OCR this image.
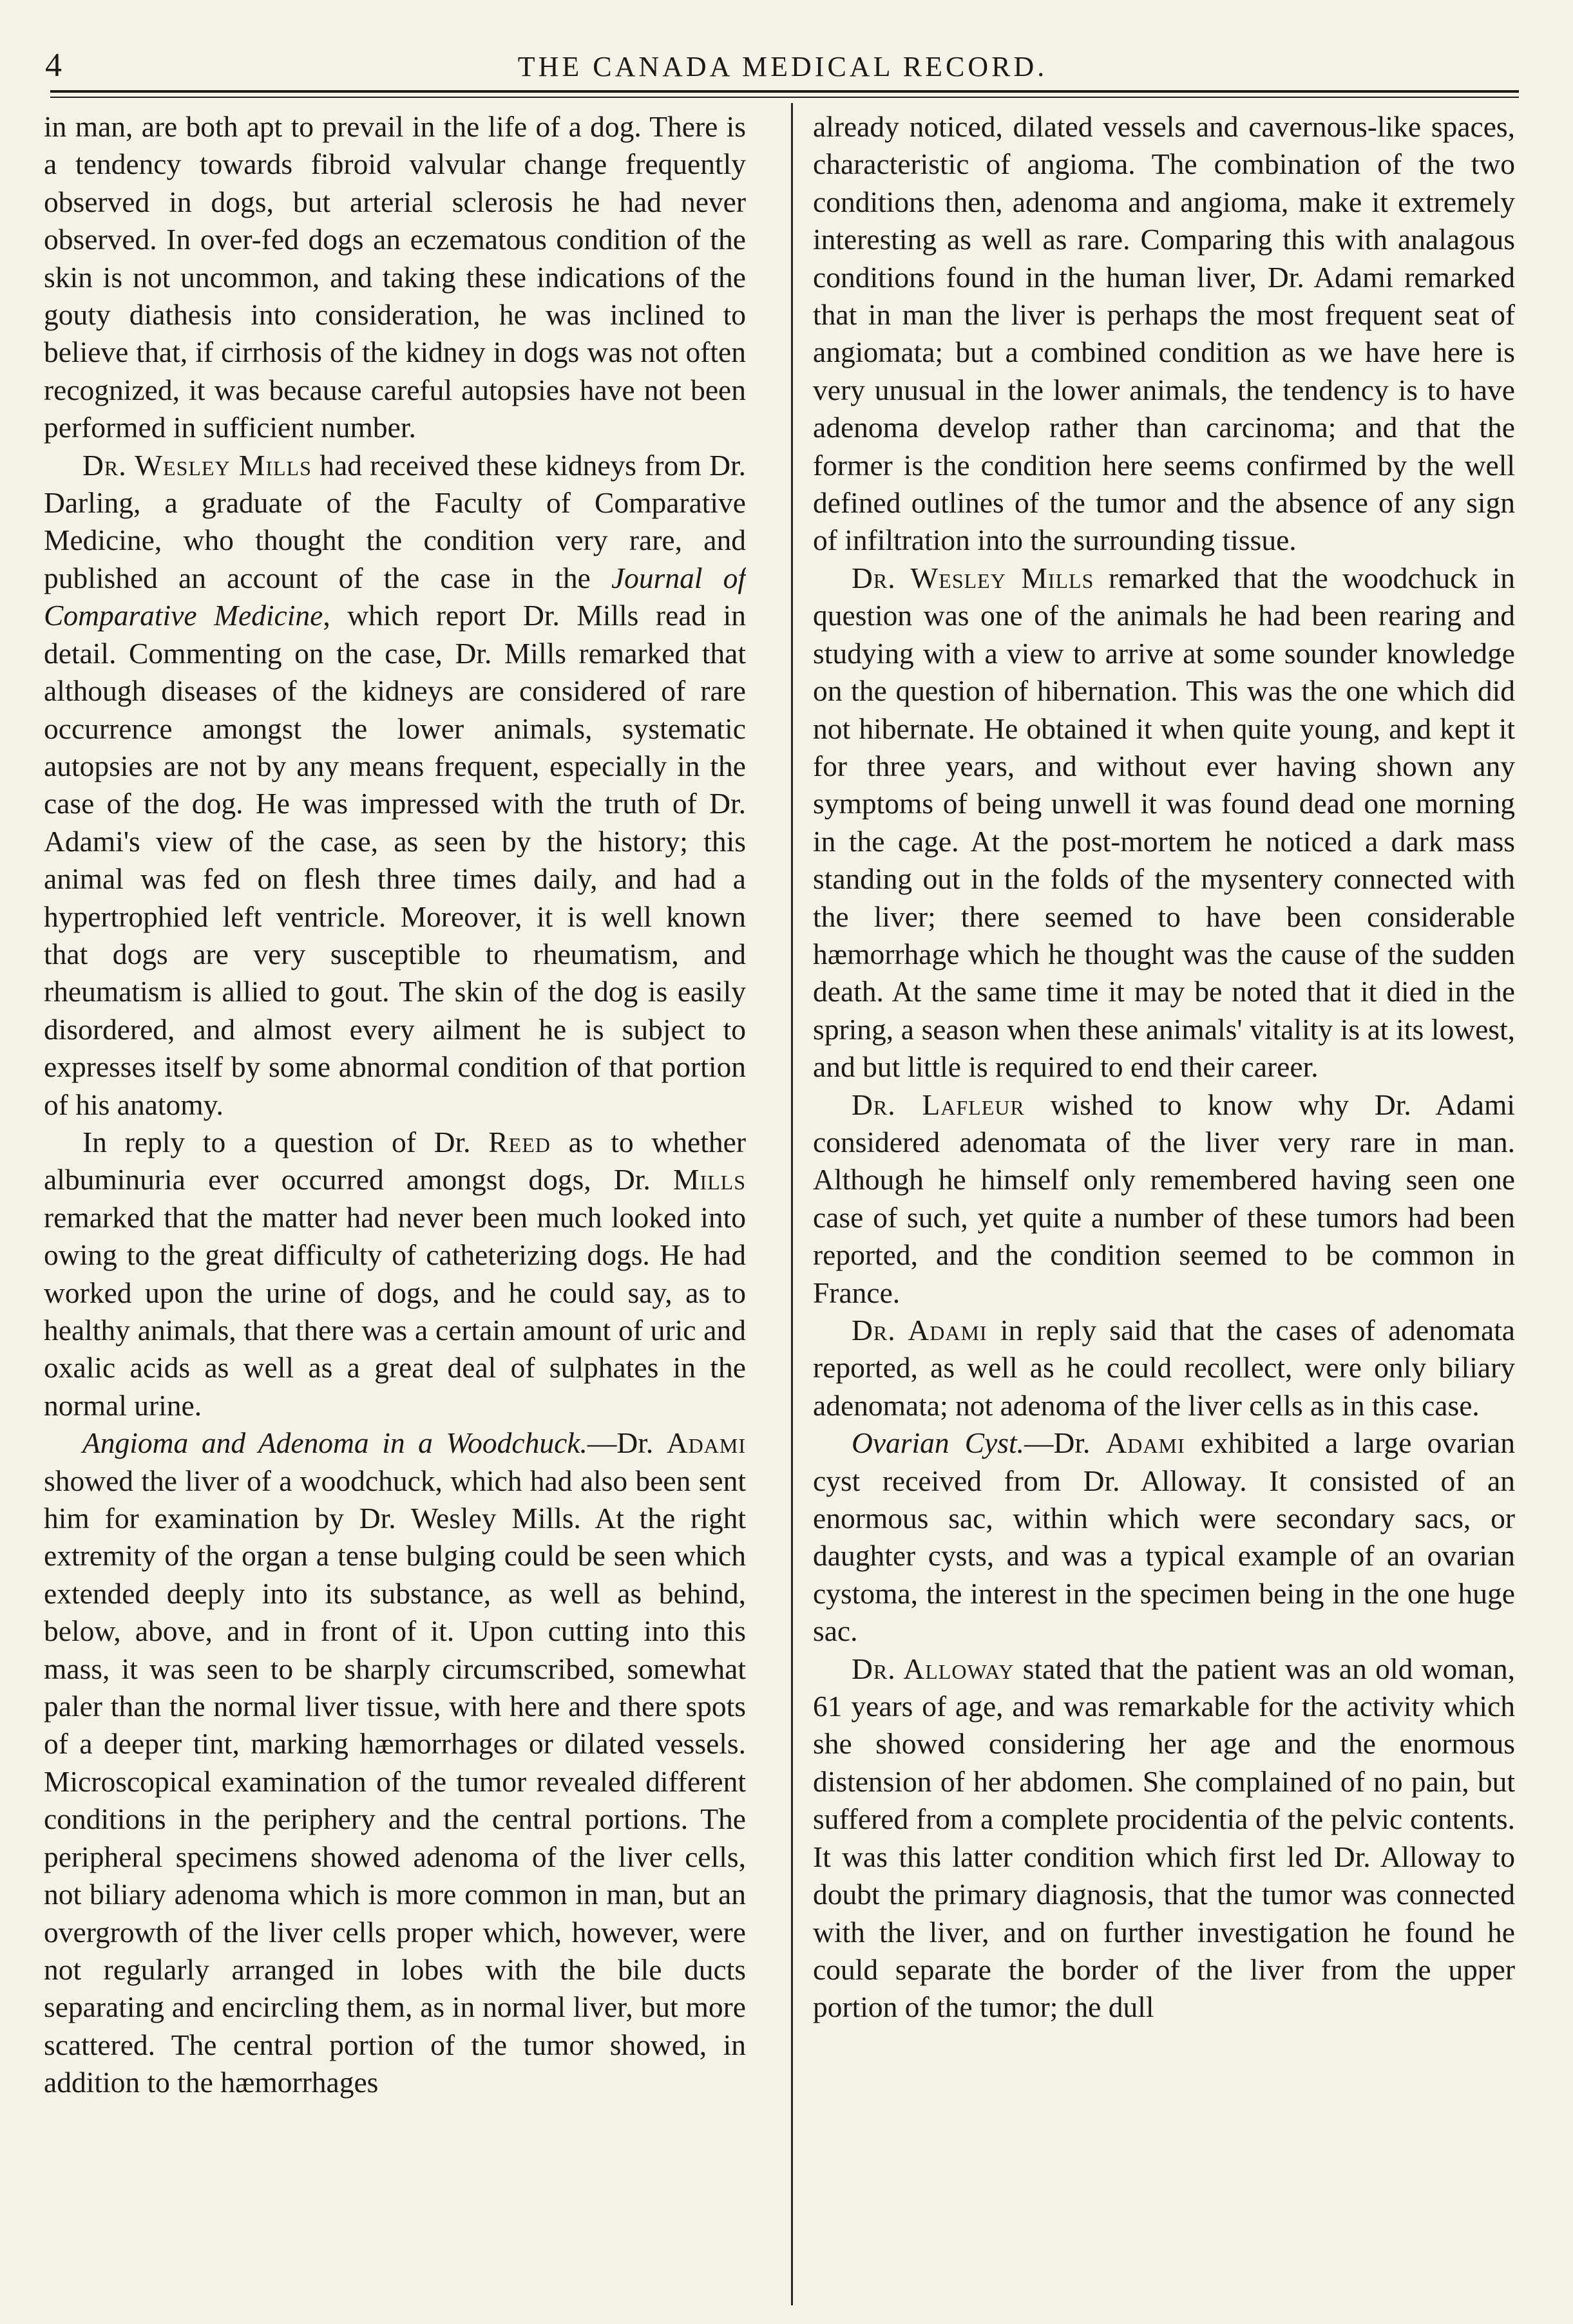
4	THE CANADA MEDICAL RECORD.

in man, are both apt to prevail in the life of a dog. There is a tendency towards fibroid valvular change frequently observed in dogs, but arterial sclerosis he had never observed. In over-fed dogs an eczematous condition of the skin is not uncommon, and taking these indications of the gouty diathesis into consideration, he was inclined to believe that, if cirrhosis of the kidney in dogs was not often recognized, it was because careful autopsies have not been performed in sufficient number.

Dr. Wesley Mills had received these kidneys from Dr. Darling, a graduate of the Faculty of Comparative Medicine, who thought the condition very rare, and published an account of the case in the Journal of Comparative Medicine, which report Dr. Mills read in detail. Commenting on the case, Dr. Mills remarked that although diseases of the kidneys are considered of rare occurrence amongst the lower animals, systematic autopsies are not by any means frequent, especially in the case of the dog. He was impressed with the truth of Dr. Adami's view of the case, as seen by the history; this animal was fed on flesh three times daily, and had a hypertrophied left ventricle. Moreover, it is well known that dogs are very susceptible to rheumatism, and rheumatism is allied to gout. The skin of the dog is easily disordered, and almost every ailment he is subject to expresses itself by some abnormal condition of that portion of his anatomy.

In reply to a question of Dr. Reed as to whether albuminuria ever occurred amongst dogs, Dr. Mills remarked that the matter had never been much looked into owing to the great difficulty of catheterizing dogs. He had worked upon the urine of dogs, and he could say, as to healthy animals, that there was a certain amount of uric and oxalic acids as well as a great deal of sulphates in the normal urine.

Angioma and Adenoma in a Woodchuck.—Dr. Adami showed the liver of a woodchuck, which had also been sent him for examination by Dr. Wesley Mills. At the right extremity of the organ a tense bulging could be seen which extended deeply into its substance, as well as behind, below, above, and in front of it. Upon cutting into this mass, it was seen to be sharply circumscribed, somewhat paler than the normal liver tissue, with here and there spots of a deeper tint, marking hæmorrhages or dilated vessels. Microscopical examination of the tumor revealed different conditions in the periphery and the central portions. The peripheral specimens showed adenoma of the liver cells, not biliary adenoma which is more common in man, but an overgrowth of the liver cells proper which, however, were not regularly arranged in lobes with the bile ducts separating and encircling them, as in normal liver, but more scattered. The central portion of the tumor showed, in addition to the hæmorrhages

already noticed, dilated vessels and cavernous-like spaces, characteristic of angioma. The combination of the two conditions then, adenoma and angioma, make it extremely interesting as well as rare. Comparing this with analagous conditions found in the human liver, Dr. Adami remarked that in man the liver is perhaps the most frequent seat of angiomata; but a combined condition as we have here is very unusual in the lower animals, the tendency is to have adenoma develop rather than carcinoma; and that the former is the condition here seems confirmed by the well defined outlines of the tumor and the absence of any sign of infiltration into the surrounding tissue.

Dr. Wesley Mills remarked that the woodchuck in question was one of the animals he had been rearing and studying with a view to arrive at some sounder knowledge on the question of hibernation. This was the one which did not hibernate. He obtained it when quite young, and kept it for three years, and without ever having shown any symptoms of being unwell it was found dead one morning in the cage. At the post-mortem he noticed a dark mass standing out in the folds of the mysentery connected with the liver; there seemed to have been considerable hæmorrhage which he thought was the cause of the sudden death. At the same time it may be noted that it died in the spring, a season when these animals' vitality is at its lowest, and but little is required to end their career.

Dr. Lafleur wished to know why Dr. Adami considered adenomata of the liver very rare in man. Although he himself only remembered having seen one case of such, yet quite a number of these tumors had been reported, and the condition seemed to be common in France.

Dr. Adami in reply said that the cases of adenomata reported, as well as he could recollect, were only biliary adenomata; not adenoma of the liver cells as in this case.

Ovarian Cyst.—Dr. Adami exhibited a large ovarian cyst received from Dr. Alloway. It consisted of an enormous sac, within which were secondary sacs, or daughter cysts, and was a typical example of an ovarian cystoma, the interest in the specimen being in the one huge sac.

Dr. Alloway stated that the patient was an old woman, 61 years of age, and was remarkable for the activity which she showed considering her age and the enormous distension of her abdomen. She complained of no pain, but suffered from a complete procidentia of the pelvic contents. It was this latter condition which first led Dr. Alloway to doubt the primary diagnosis, that the tumor was connected with the liver, and on further investigation he found he could separate the border of the liver from the upper portion of the tumor; the dull
